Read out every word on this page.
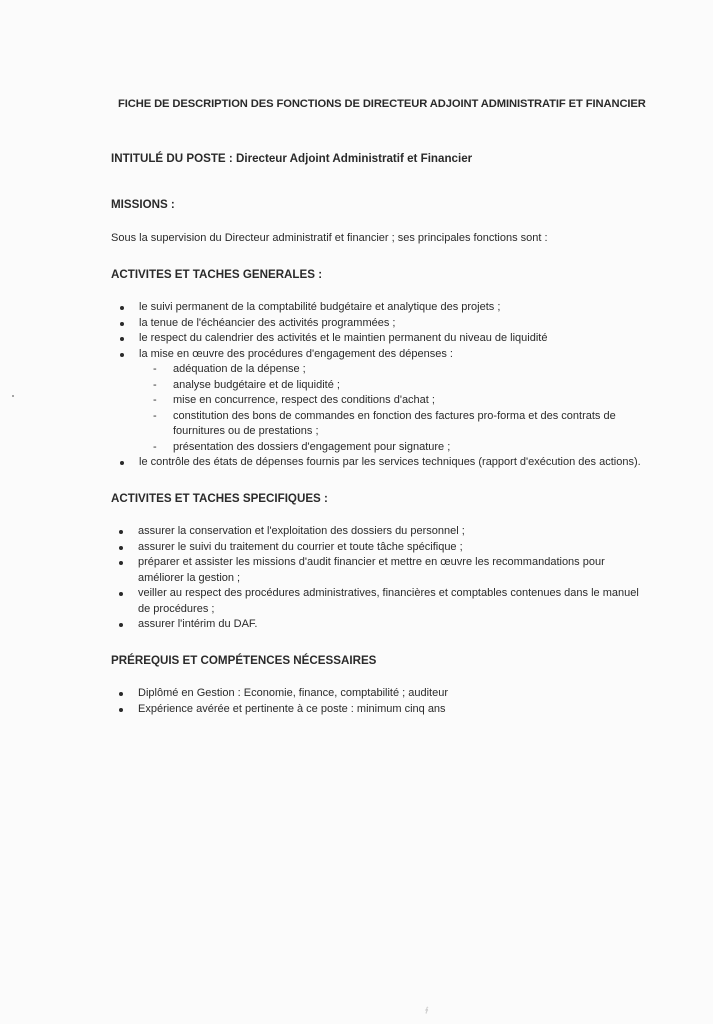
FICHE DE DESCRIPTION DES FONCTIONS DE DIRECTEUR ADJOINT ADMINISTRATIF ET FINANCIER
INTITULÉ DU POSTE : Directeur Adjoint Administratif et Financier
MISSIONS :
Sous la supervision du Directeur administratif et financier ; ses principales fonctions sont :
ACTIVITES ET TACHES GENERALES :
le suivi permanent de la comptabilité budgétaire et analytique des projets ;
la tenue de l'échéancier des activités programmées ;
le respect du calendrier des activités et le maintien permanent du niveau de liquidité
la mise en œuvre des procédures d'engagement des dépenses :
- adéquation de la dépense ;
- analyse budgétaire et de liquidité ;
- mise en concurrence, respect des conditions d'achat ;
- constitution des bons de commandes en fonction des factures pro-forma et des contrats de fournitures ou de prestations ;
- présentation des dossiers d'engagement pour signature ;
le contrôle des états de dépenses fournis par les services techniques (rapport d'exécution des actions).
ACTIVITES ET TACHES SPECIFIQUES :
assurer la conservation et l'exploitation des dossiers du personnel ;
assurer le suivi du traitement du courrier et toute tâche spécifique ;
préparer et assister les missions d'audit financier et mettre en œuvre les recommandations pour améliorer la gestion ;
veiller au respect des procédures administratives, financières et comptables contenues dans le manuel de procédures ;
assurer l'intérim du DAF.
PRÉREQUIS ET COMPÉTENCES NÉCESSAIRES
Diplômé en Gestion : Economie, finance, comptabilité ; auditeur
Expérience avérée et pertinente à ce poste : minimum cinq ans
∮
